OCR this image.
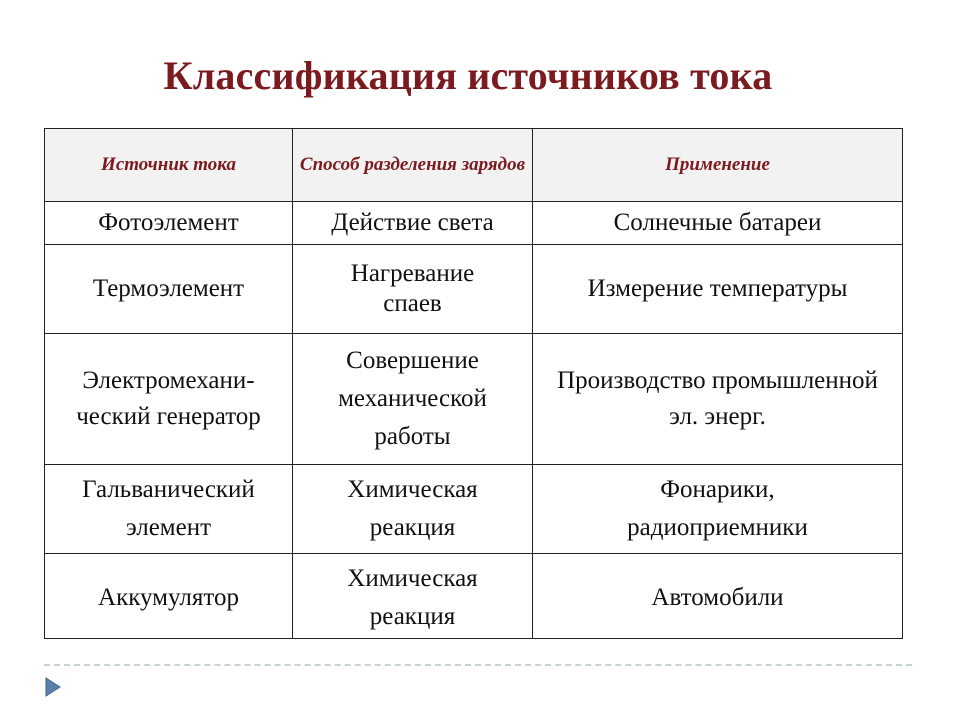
Классификация источников тока
Источник тока	Способ разделения зарядов	Применение
Фотоэлемент	Действие света	Солнечные батареи
Термоэлемент	Нагревание спаев	Измерение температуры
Электромехани-ческий генератор	Совершение механической работы	Производство промышленной эл. энерг.
Гальванический элемент	Химическая реакция	Фонарики, радиоприемники

Аккумулятор	Химическая реакция	Автомобили
